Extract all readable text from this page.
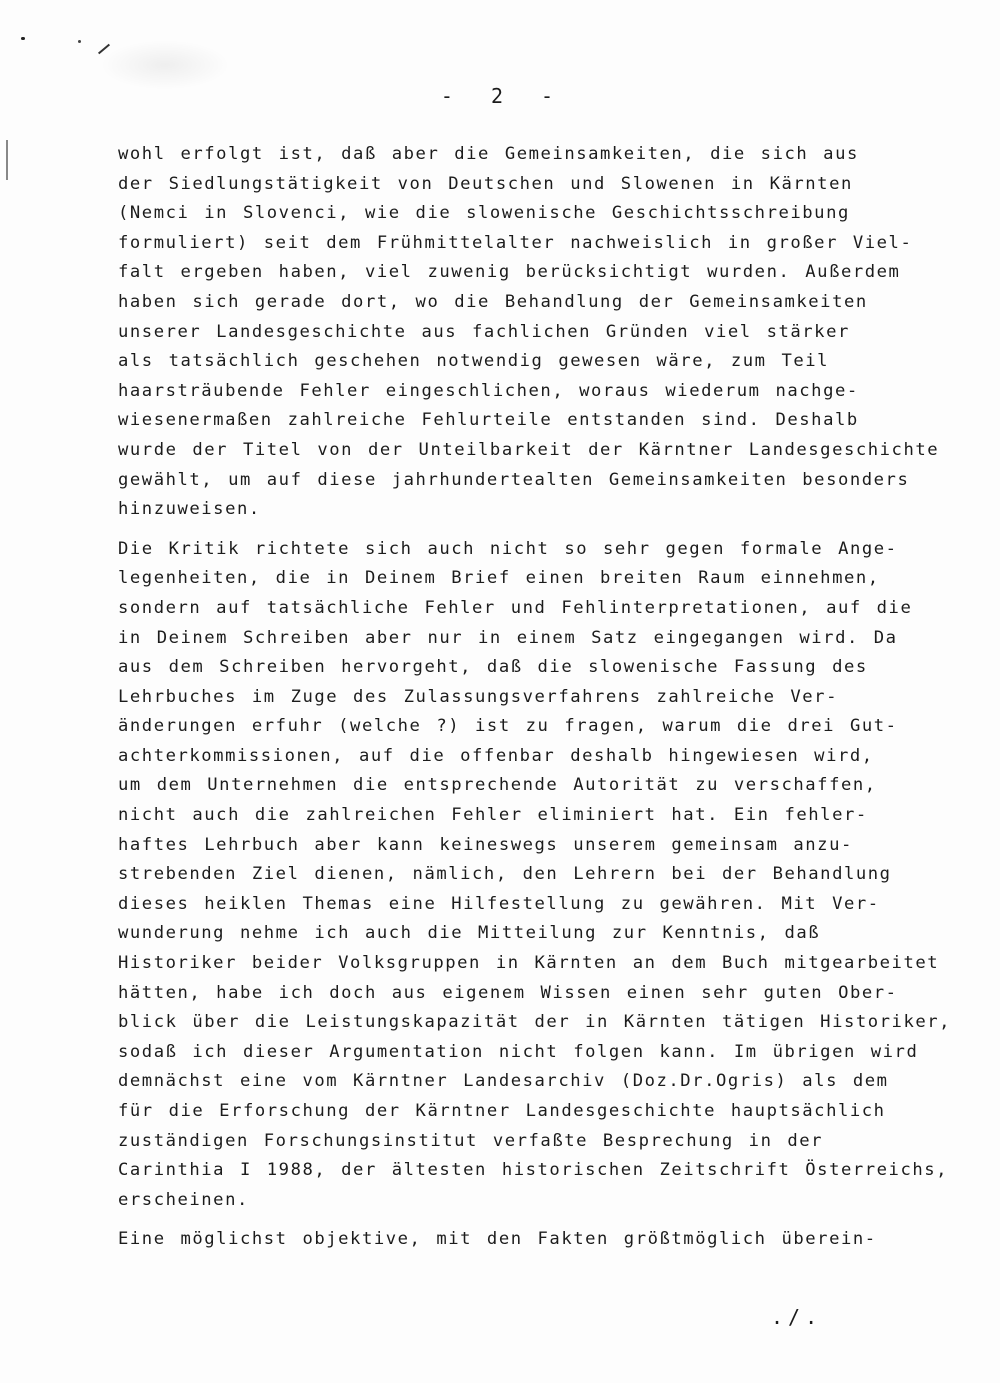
- 2 -
wohl erfolgt ist, daß aber die Gemeinsamkeiten, die sich aus
der Siedlungstätigkeit von Deutschen und Slowenen in Kärnten
(Nemci in Slovenci, wie die slowenische Geschichtsschreibung
formuliert) seit dem Frühmittelalter nachweislich in großer Viel-
falt ergeben haben, viel zuwenig berücksichtigt wurden. Außerdem
haben sich gerade dort, wo die Behandlung der Gemeinsamkeiten
unserer Landesgeschichte aus fachlichen Gründen viel stärker
als tatsächlich geschehen notwendig gewesen wäre, zum Teil
haarsträubende Fehler eingeschlichen, woraus wiederum nachge-
wiesenermaßen zahlreiche Fehlurteile entstanden sind. Deshalb
wurde der Titel von der Unteilbarkeit der Kärntner Landesgeschichte
gewählt, um auf diese jahrhundertealten Gemeinsamkeiten besonders
hinzuweisen.
Die Kritik richtete sich auch nicht so sehr gegen formale Ange-
legenheiten, die in Deinem Brief einen breiten Raum einnehmen,
sondern auf tatsächliche Fehler und Fehlinterpretationen, auf die
in Deinem Schreiben aber nur in einem Satz eingegangen wird. Da
aus dem Schreiben hervorgeht, daß die slowenische Fassung des
Lehrbuches im Zuge des Zulassungsverfahrens zahlreiche Ver-
änderungen erfuhr (welche ?) ist zu fragen, warum die drei Gut-
achterkommissionen, auf die offenbar deshalb hingewiesen wird,
um dem Unternehmen die entsprechende Autorität zu verschaffen,
nicht auch die zahlreichen Fehler eliminiert hat. Ein fehler-
haftes Lehrbuch aber kann keineswegs unserem gemeinsam anzu-
strebenden Ziel dienen, nämlich, den Lehrern bei der Behandlung
dieses heiklen Themas eine Hilfestellung zu gewähren. Mit Ver-
wunderung nehme ich auch die Mitteilung zur Kenntnis, daß
Historiker beider Volksgruppen in Kärnten an dem Buch mitgearbeitet
hätten, habe ich doch aus eigenem Wissen einen sehr guten Ober-
blick über die Leistungskapazität der in Kärnten tätigen Historiker,
sodaß ich dieser Argumentation nicht folgen kann. Im übrigen wird
demnächst eine vom Kärntner Landesarchiv (Doz.Dr.Ogris) als dem
für die Erforschung der Kärntner Landesgeschichte hauptsächlich
zuständigen Forschungsinstitut verfaßte Besprechung in der
Carinthia I 1988, der ältesten historischen Zeitschrift Österreichs,
erscheinen.
Eine möglichst objektive, mit den Fakten größtmöglich überein-
./.
